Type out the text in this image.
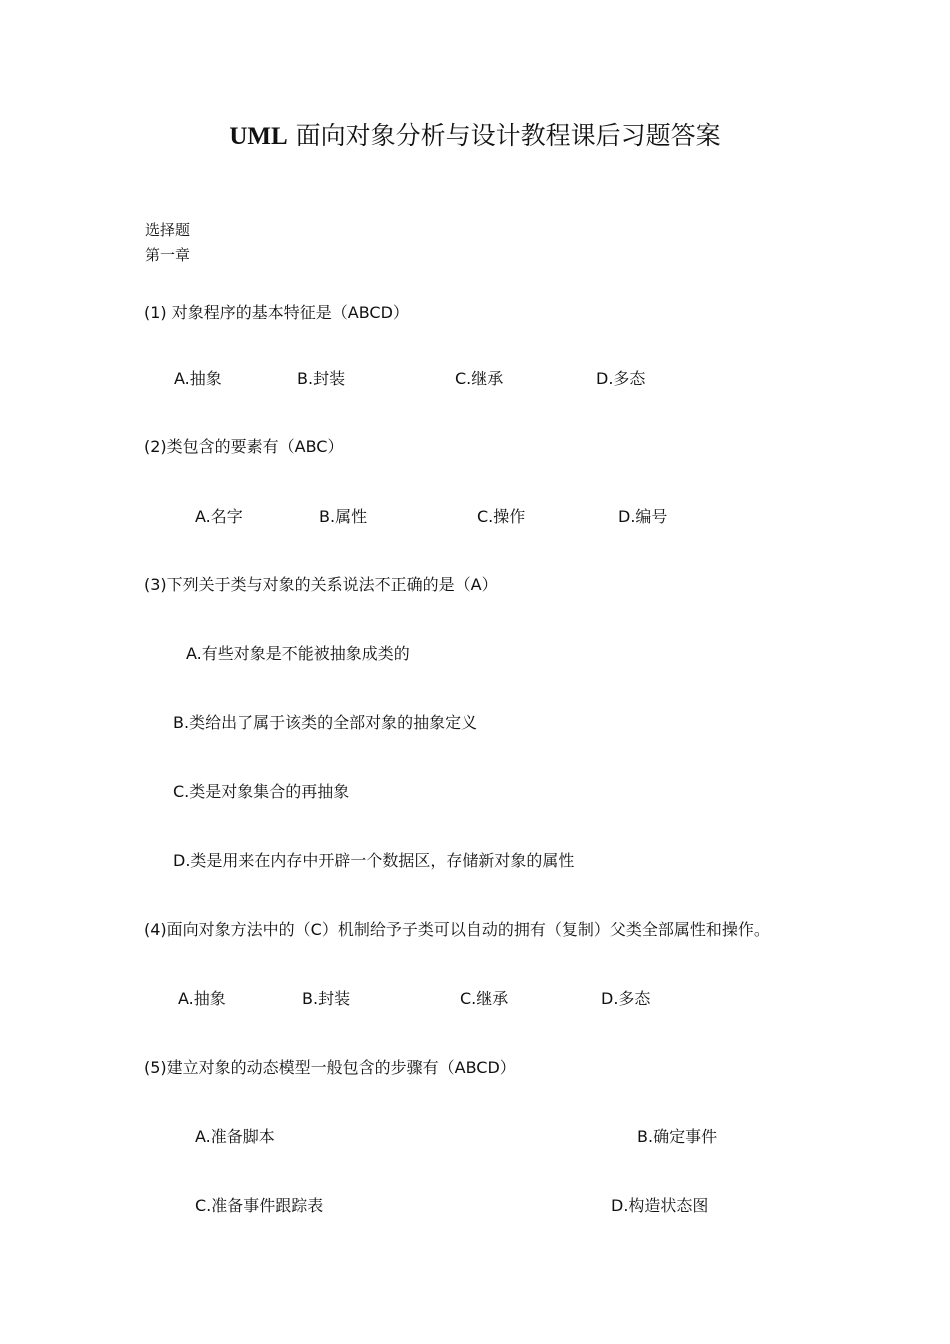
UML 面向对象分析与设计教程课后习题答案
选择题
第一章
(1) 对象程序的基本特征是（ABCD）
A.抽象	B.封装	C.继承	D.多态
(2)类包含的要素有（ABC）
A.名字	B.属性	C.操作	D.编号
(3)下列关于类与对象的关系说法不正确的是（A）
A.有些对象是不能被抽象成类的
B.类给出了属于该类的全部对象的抽象定义
C.类是对象集合的再抽象
D.类是用来在内存中开辟一个数据区，存储新对象的属性
(4)面向对象方法中的（C）机制给予子类可以自动的拥有（复制）父类全部属性和操作。
A.抽象	B.封装	C.继承	D.多态
(5)建立对象的动态模型一般包含的步骤有（ABCD）
A.准备脚本	B.确定事件
C.准备事件跟踪表	D.构造状态图
